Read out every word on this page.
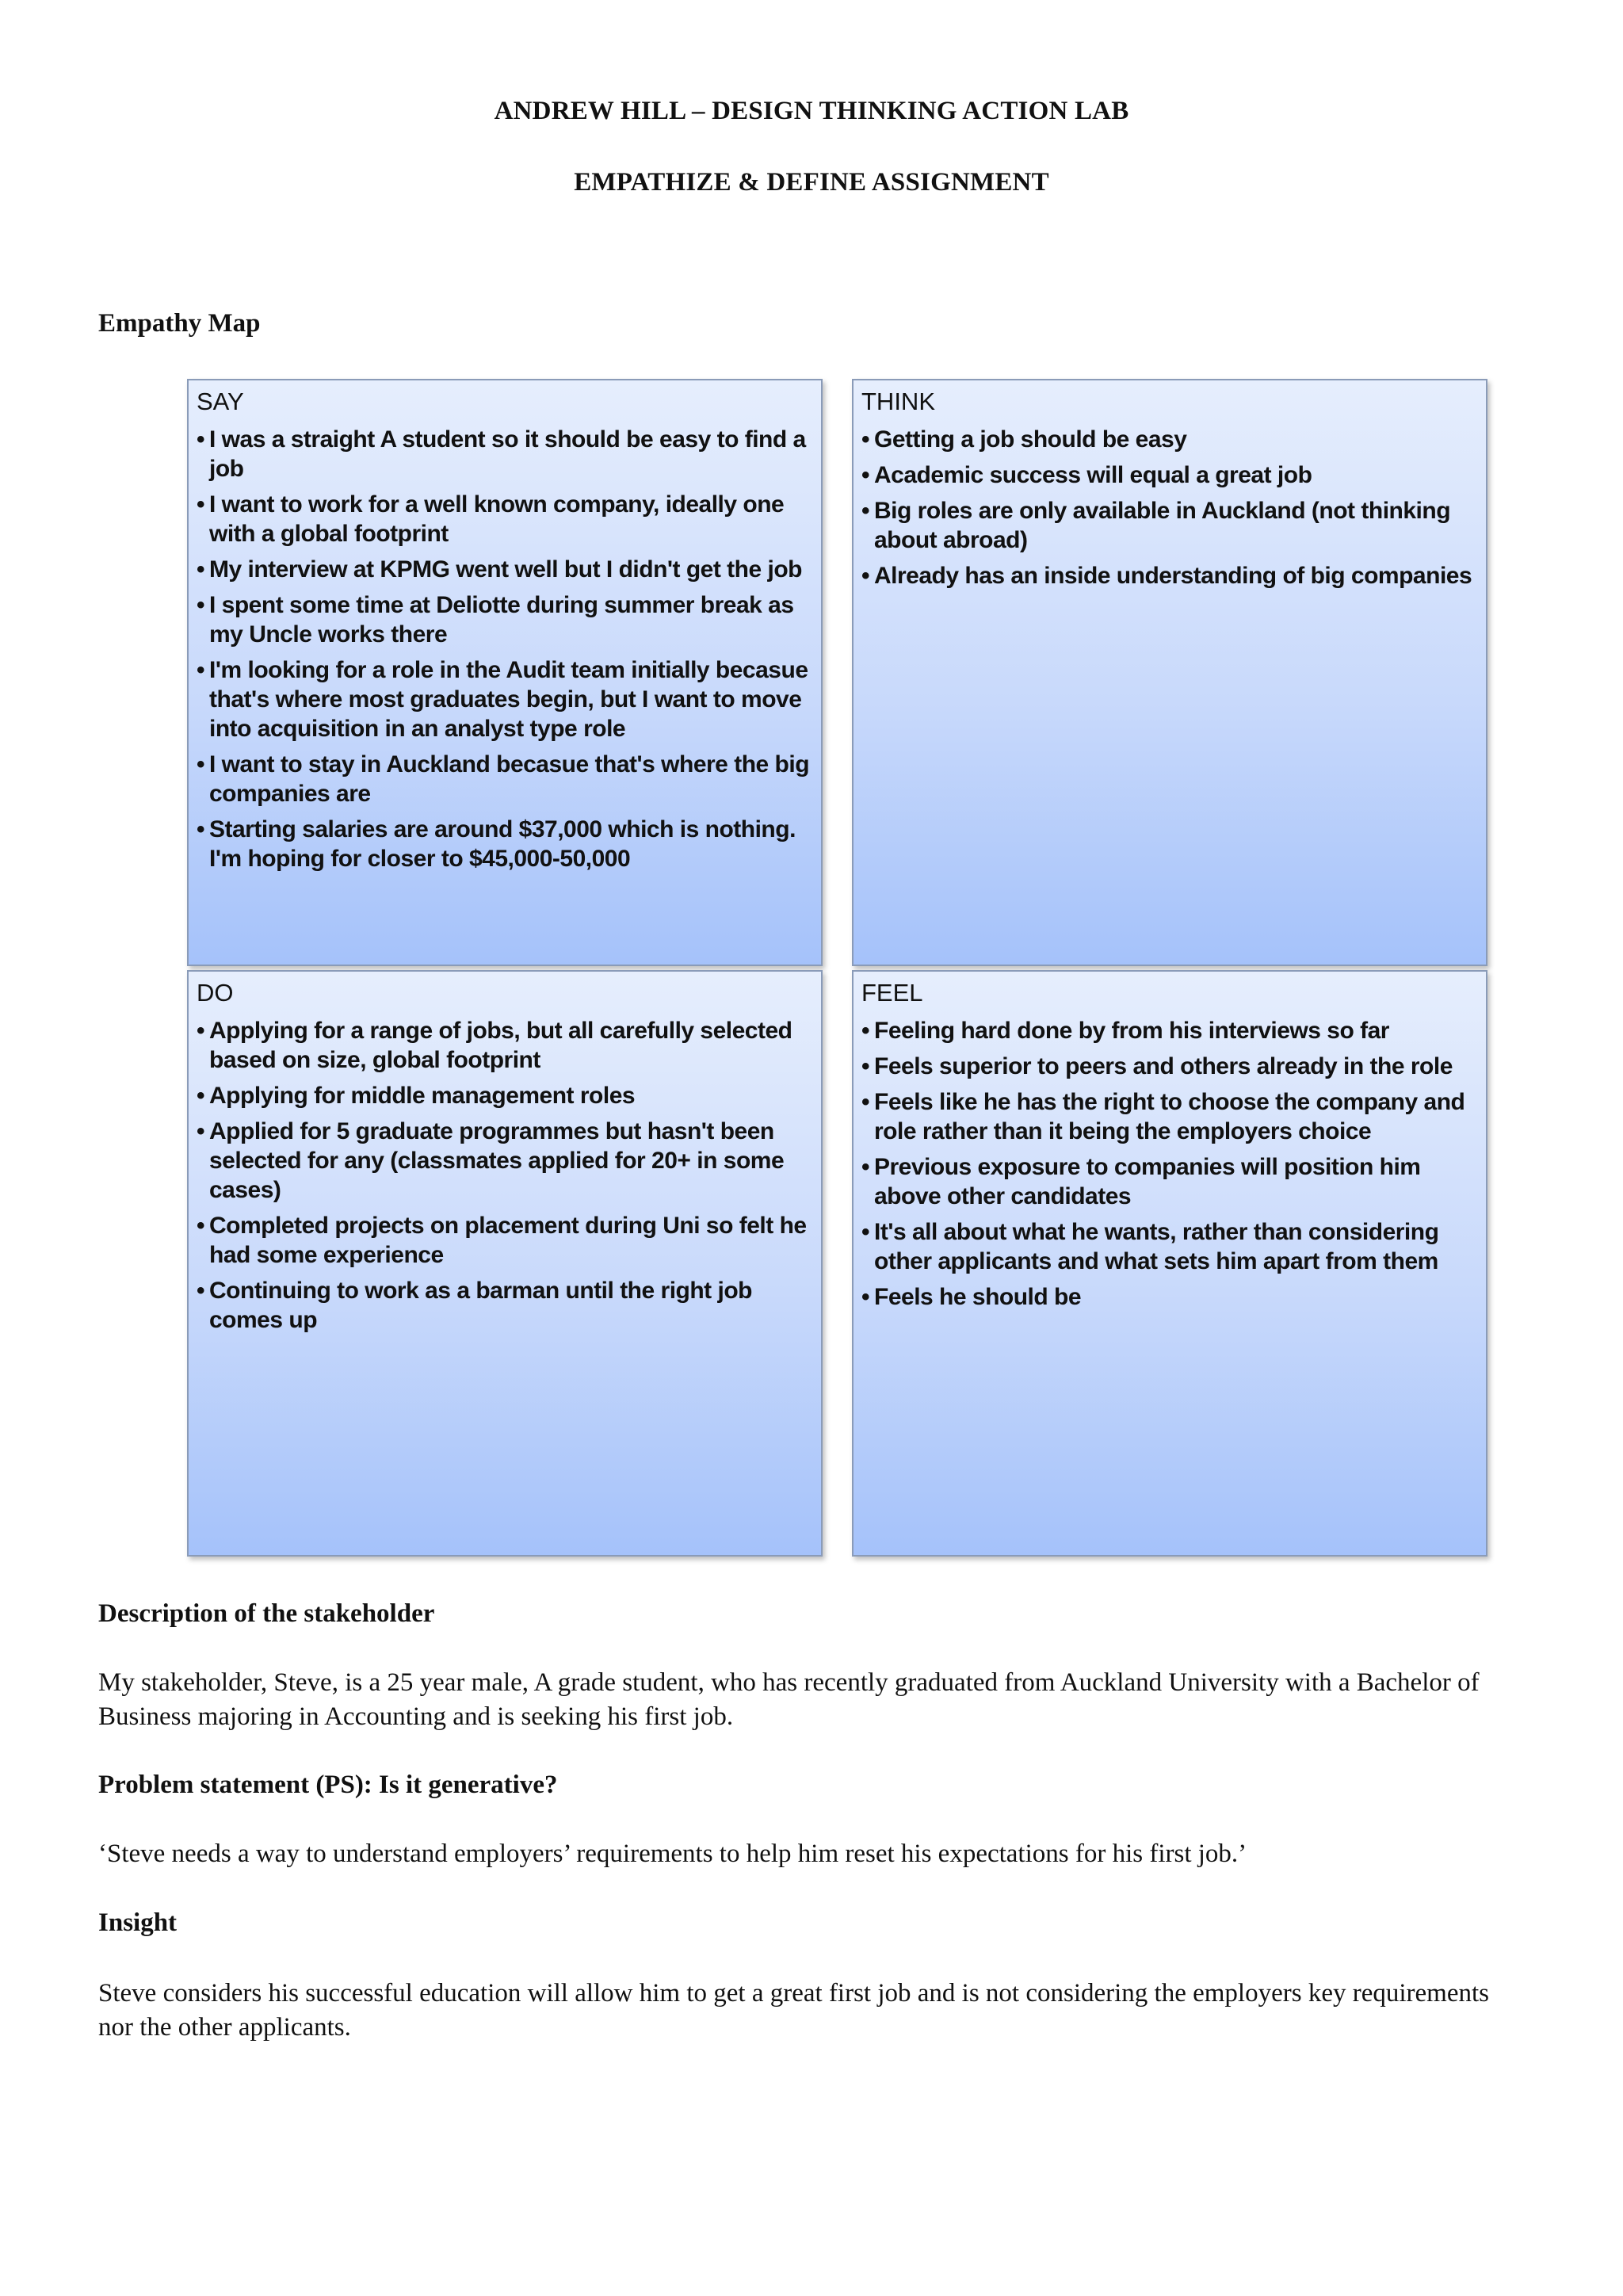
ANDREW HILL – DESIGN THINKING ACTION LAB
EMPATHIZE & DEFINE ASSIGNMENT
Empathy Map
SAY
• I was a straight A student so it should be easy to find a job
• I want to work for a well known company, ideally one with a global footprint
• My interview at KPMG went well but I didn't get the job
• I spent some time at Deliotte during summer break as my Uncle works there
• I'm looking for a role in the Audit team initially becasue that's where most graduates begin, but I want to move into acquisition in an analyst type role
• I want to stay in Auckland becasue that's where the big companies are
• Starting salaries are around $37,000 which is nothing. I'm hoping for closer to $45,000-50,000
THINK
• Getting a job should be easy
• Academic success will equal a great job
• Big roles are only available in Auckland (not thinking about abroad)
• Already has an inside understanding of big companies
DO
• Applying for a range of jobs, but all carefully selected based on size, global footprint
• Applying for middle management roles
• Applied for 5 graduate programmes but hasn't been selected for any (classmates applied for 20+ in some cases)
• Completed projects on placement during Uni so felt he had some experience
• Continuing to work as a barman until the right job comes up
FEEL
• Feeling hard done by from his interviews so far
• Feels superior to peers and others already in the role
• Feels like he has the right to choose the company and role rather than it being the employers choice
• Previous exposure to companies will position him above other candidates
• It's all about what he wants, rather than considering other applicants and what sets him apart from them
• Feels he should be
Description of the stakeholder
My stakeholder, Steve, is a 25 year male, A grade student, who has recently graduated from Auckland University with a Bachelor of Business majoring in Accounting and is seeking his first job.
Problem statement (PS): Is it generative?
‘Steve needs a way to understand employers’ requirements to help him reset his expectations for his first job.’
Insight
Steve considers his successful education will allow him to get a great first job and is not considering the employers key requirements nor the other applicants.
